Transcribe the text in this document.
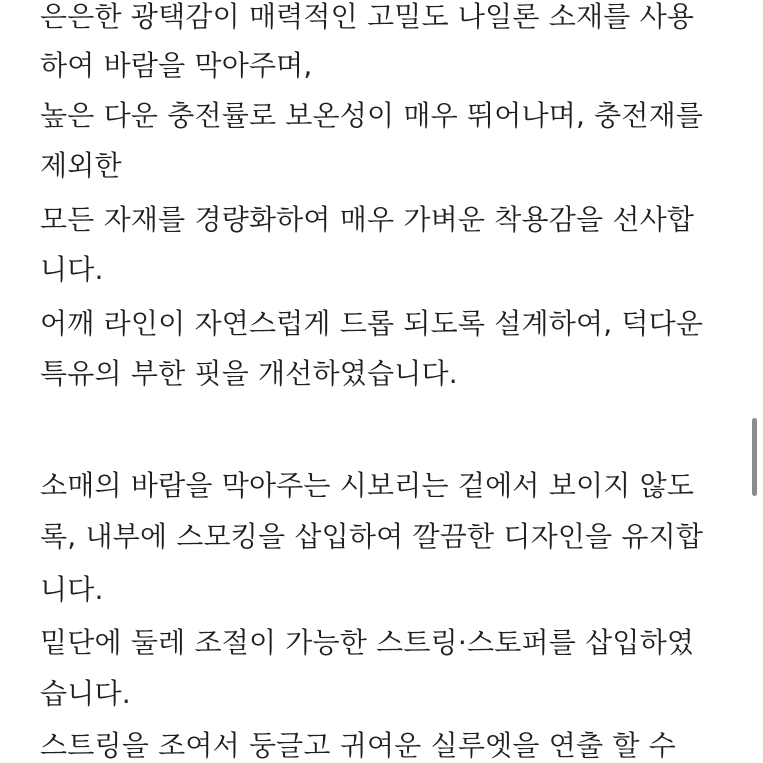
은은한 광택감이 매력적인 고밀도 나일론 소재를 사용
하여 바람을 막아주며,
높은 다운 충전률로 보온성이 매우 뛰어나며, 충전재를
제외한
모든 자재를 경량화하여 매우 가벼운 착용감을 선사합
니다.
어깨 라인이 자연스럽게 드롭 되도록 설계하여, 덕다운
특유의 부한 핏을 개선하였습니다.
소매의 바람을 막아주는 시보리는 겉에서 보이지 않도
록, 내부에 스모킹을 삽입하여 깔끔한 디자인을 유지합
니다.
밑단에 둘레 조절이 가능한 스트링·스토퍼를 삽입하였
습니다.
스트링을 조여서 둥글고 귀여운 실루엣을 연출 할 수
